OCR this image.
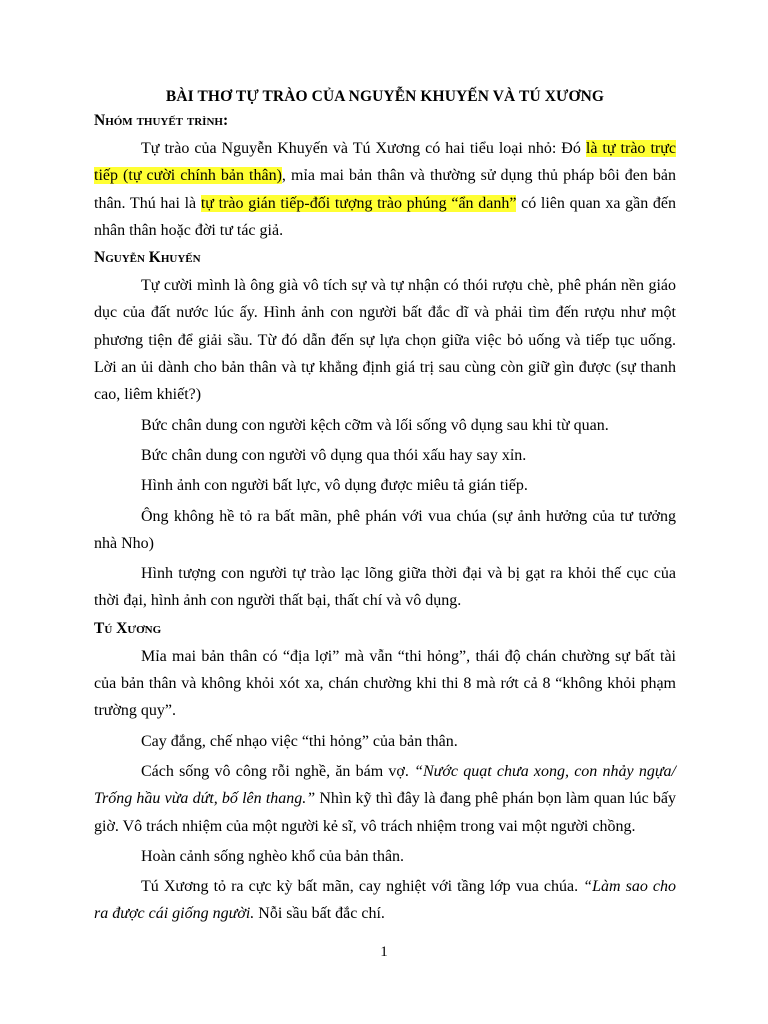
BÀI THƠ TỰ TRÀO CỦA NGUYỄN KHUYẾN VÀ TÚ XƯƠNG
Nhóm thuyết trình:

Tự trào của Nguyễn Khuyến và Tú Xương có hai tiểu loại nhỏ: Đó là tự trào trực tiếp (tự cười chính bản thân), mỉa mai bản thân và thường sử dụng thủ pháp bôi đen bản thân. Thú hai là tự trào gián tiếp-đối tượng trào phúng “ẩn danh” có liên quan xa gần đến nhân thân hoặc đời tư tác giả.

Nguyễn Khuyến

Tự cười mình là ông già vô tích sự và tự nhận có thói rượu chè, phê phán nền giáo dục của đất nước lúc ấy. Hình ảnh con người bất đắc dĩ và phải tìm đến rượu như một phương tiện để giải sầu. Từ đó dẫn đến sự lựa chọn giữa việc bỏ uống và tiếp tục uống. Lời an ủi dành cho bản thân và tự khẳng định giá trị sau cùng còn giữ gìn được (sự thanh cao, liêm khiết?)

Bức chân dung con người kệch cỡm và lối sống vô dụng sau khi từ quan.

Bức chân dung con người vô dụng qua thói xấu hay say xỉn.

Hình ảnh con người bất lực, vô dụng được miêu tả gián tiếp.

Ông không hề tỏ ra bất mãn, phê phán với vua chúa (sự ảnh hưởng của tư tưởng nhà Nho)

Hình tượng con người tự trào lạc lõng giữa thời đại và bị gạt ra khỏi thế cục của thời đại, hình ảnh con người thất bại, thất chí và vô dụng.

Tú Xương

Mỉa mai bản thân có “địa lợi” mà vẫn “thi hỏng”, thái độ chán chường sự bất tài của bản thân và không khỏi xót xa, chán chường khi thi 8 mà rớt cả 8 “không khỏi phạm trường quy”.

Cay đắng, chế nhạo việc “thi hỏng” của bản thân.

Cách sống vô công rỗi nghề, ăn bám vợ. “Nước quạt chưa xong, con nhảy ngựa/ Trống hầu vừa dứt, bố lên thang.” Nhìn kỹ thì đây là đang phê phán bọn làm quan lúc bấy giờ. Vô trách nhiệm của một người kẻ sĩ, vô trách nhiệm trong vai một người chồng.

Hoàn cảnh sống nghèo khổ của bản thân.

Tú Xương tỏ ra cực kỳ bất mãn, cay nghiệt với tầng lớp vua chúa. “Làm sao cho ra được cái giống người. Nỗi sầu bất đắc chí.

1
